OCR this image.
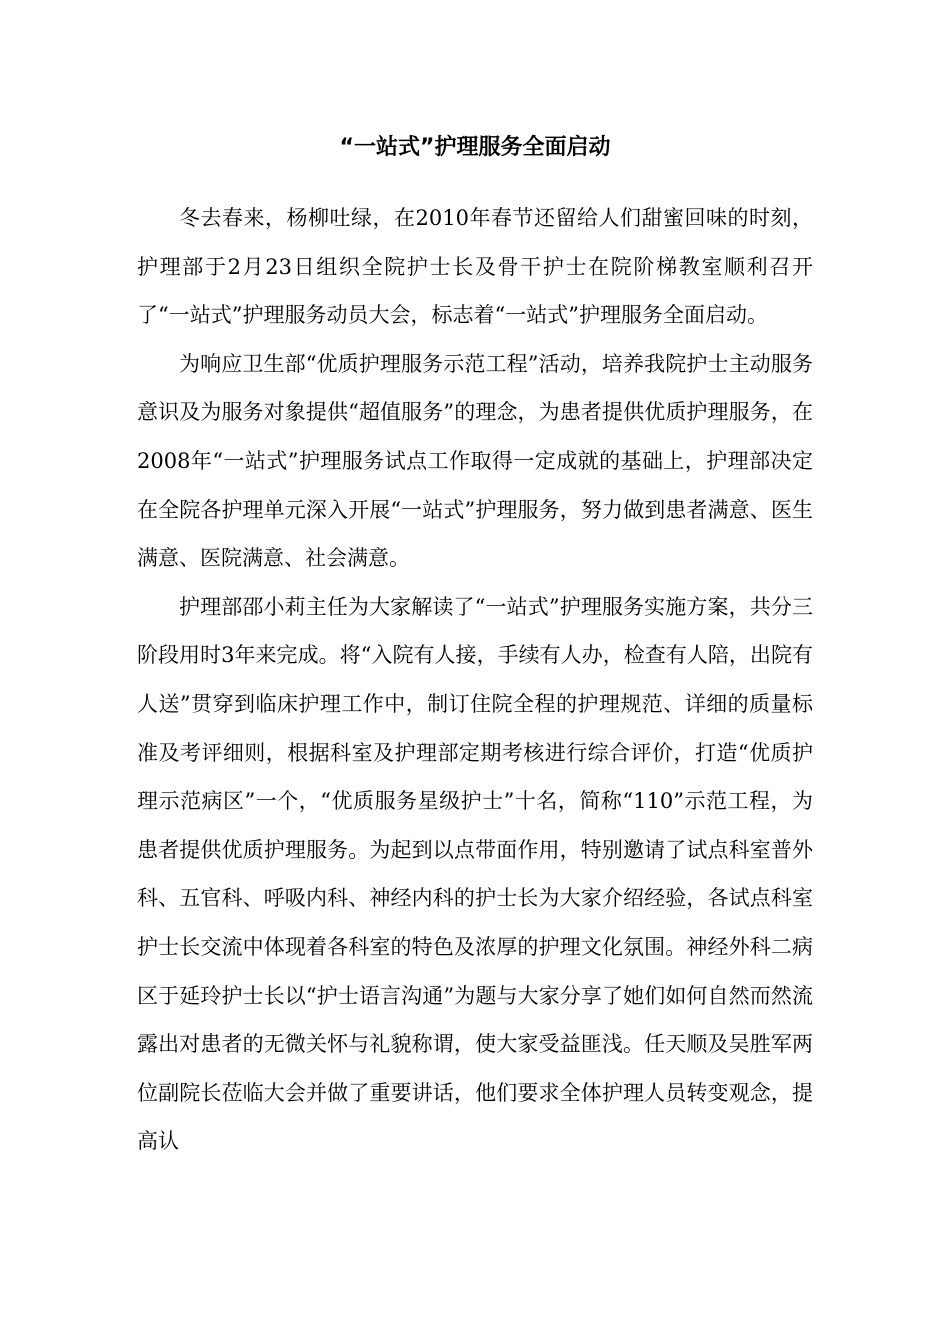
“一站式”护理服务全面启动

冬去春来，杨柳吐绿，在2010年春节还留给人们甜蜜回味的时刻，护理部于2月23日组织全院护士长及骨干护士在院阶梯教室顺利召开了“一站式”护理服务动员大会，标志着“一站式”护理服务全面启动。

为响应卫生部“优质护理服务示范工程”活动，培养我院护士主动服务意识及为服务对象提供“超值服务”的理念，为患者提供优质护理服务，在2008年“一站式”护理服务试点工作取得一定成就的基础上，护理部决定在全院各护理单元深入开展“一站式”护理服务，努力做到患者满意、医生满意、医院满意、社会满意。

护理部邵小莉主任为大家解读了“一站式”护理服务实施方案，共分三阶段用时3年来完成。将“入院有人接，手续有人办，检查有人陪，出院有人送”贯穿到临床护理工作中，制订住院全程的护理规范、详细的质量标准及考评细则，根据科室及护理部定期考核进行综合评价，打造“优质护理示范病区”一个，“优质服务星级护士”十名，简称“110”示范工程，为患者提供优质护理服务。为起到以点带面作用，特别邀请了试点科室普外科、五官科、呼吸内科、神经内科的护士长为大家介绍经验，各试点科室护士长交流中体现着各科室的特色及浓厚的护理文化氛围。神经外科二病区于延玲护士长以“护士语言沟通”为题与大家分享了她们如何自然而然流露出对患者的无微关怀与礼貌称谓，使大家受益匪浅。任天顺及吴胜军两位副院长莅临大会并做了重要讲话，他们要求全体护理人员转变观念，提高认
